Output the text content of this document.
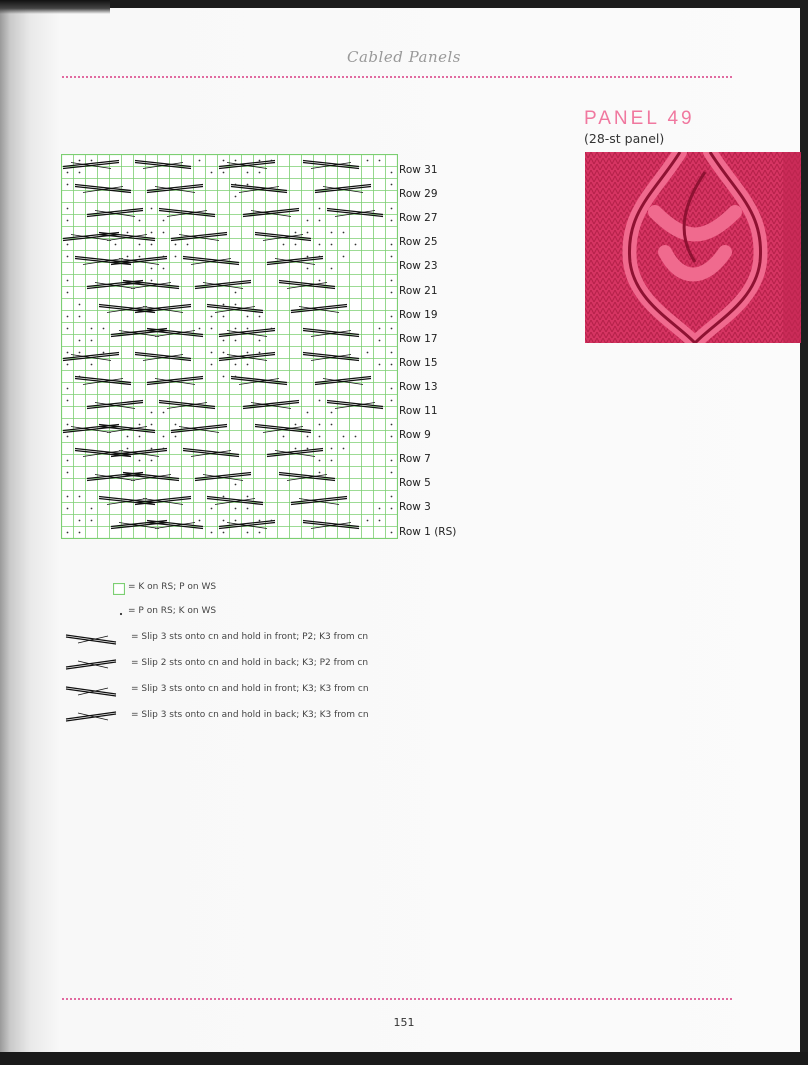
Cabled Panels
PANEL 49
(28-st panel)
Row 31
Row 29
Row 27
Row 25
Row 23
Row 21
Row 19
Row 17
Row 15
Row 13
Row 11
Row 9
Row 7
Row 5
Row 3
Row 1 (RS)
= K on RS; P on WS
= P on RS; K on WS
= Slip 3 sts onto cn and hold in front; P2; K3 from cn
= Slip 2 sts onto cn and hold in back; K3; P2 from cn
= Slip 3 sts onto cn and hold in front; K3; K3 from cn
= Slip 3 sts onto cn and hold in back; K3; K3 from cn
151
